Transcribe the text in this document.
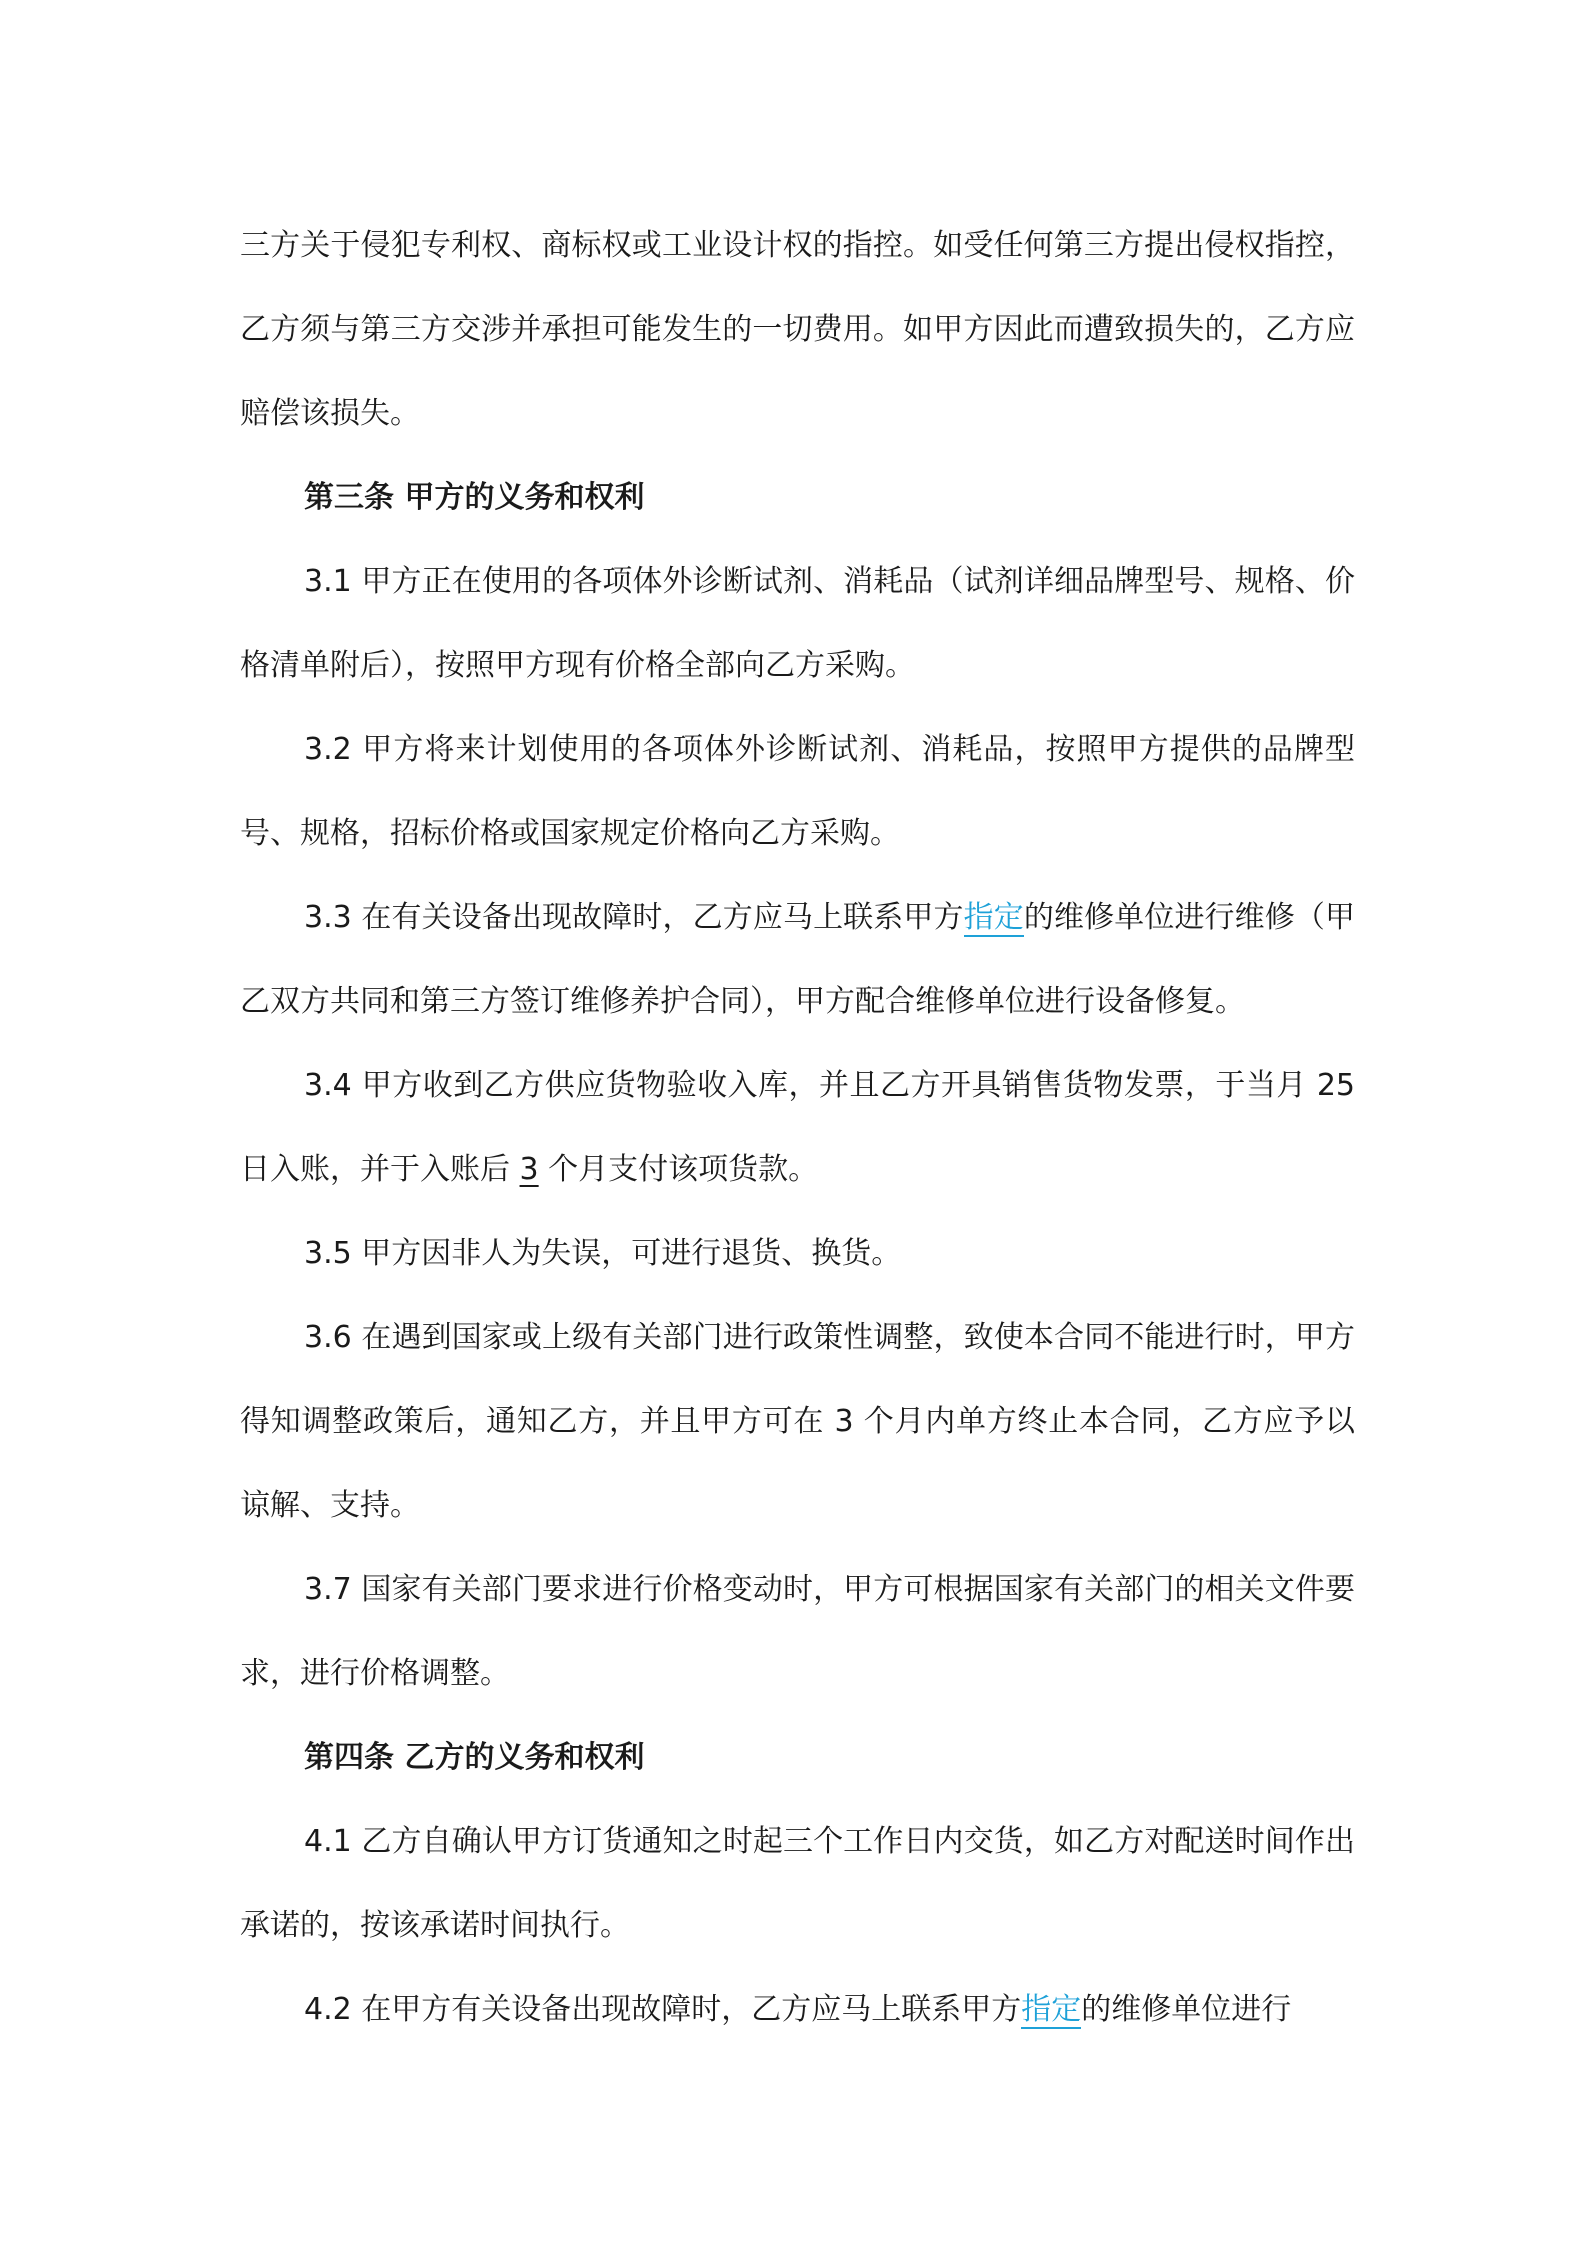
三方关于侵犯专利权、商标权或工业设计权的指控。如受任何第三方提出侵权指控，乙方须与第三方交涉并承担可能发生的一切费用。如甲方因此而遭致损失的，乙方应赔偿该损失。

第三条 甲方的义务和权利

3.1 甲方正在使用的各项体外诊断试剂、消耗品（试剂详细品牌型号、规格、价格清单附后），按照甲方现有价格全部向乙方采购。

3.2 甲方将来计划使用的各项体外诊断试剂、消耗品，按照甲方提供的品牌型号、规格，招标价格或国家规定价格向乙方采购。

3.3 在有关设备出现故障时，乙方应马上联系甲方指定的维修单位进行维修（甲乙双方共同和第三方签订维修养护合同），甲方配合维修单位进行设备修复。

3.4 甲方收到乙方供应货物验收入库，并且乙方开具销售货物发票，于当月 25 日入账，并于入账后 3 个月支付该项货款。

3.5 甲方因非人为失误，可进行退货、换货。

3.6 在遇到国家或上级有关部门进行政策性调整，致使本合同不能进行时，甲方得知调整政策后，通知乙方，并且甲方可在 3 个月内单方终止本合同，乙方应予以谅解、支持。

3.7 国家有关部门要求进行价格变动时，甲方可根据国家有关部门的相关文件要求，进行价格调整。

第四条 乙方的义务和权利

4.1 乙方自确认甲方订货通知之时起三个工作日内交货，如乙方对配送时间作出承诺的，按该承诺时间执行。

4.2 在甲方有关设备出现故障时，乙方应马上联系甲方指定的维修单位进行
